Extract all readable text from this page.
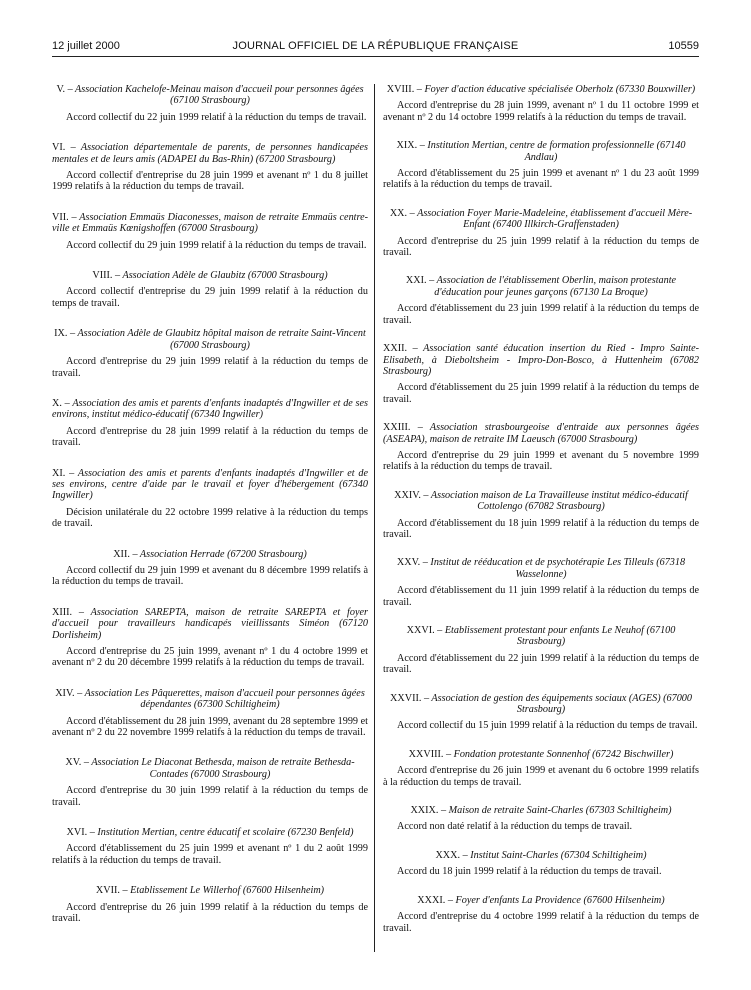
12 juillet 2000	JOURNAL OFFICIEL DE LA RÉPUBLIQUE FRANÇAISE	10559
V. – Association Kachelofe-Meinau maison d'accueil pour personnes âgées (67100 Strasbourg)
Accord collectif du 22 juin 1999 relatif à la réduction du temps de travail.
VI. – Association départementale de parents, de personnes handicapées mentales et de leurs amis (ADAPEI du Bas-Rhin) (67200 Strasbourg)
Accord collectif d'entreprise du 28 juin 1999 et avenant nº 1 du 8 juillet 1999 relatifs à la réduction du temps de travail.
VII. – Association Emmaüs Diaconesses, maison de retraite Emmaüs centre-ville et Emmaüs Kœnigshoffen (67000 Strasbourg)
Accord collectif du 29 juin 1999 relatif à la réduction du temps de travail.
VIII. – Association Adèle de Glaubitz (67000 Strasbourg)
Accord collectif d'entreprise du 29 juin 1999 relatif à la réduction du temps de travail.
IX. – Association Adèle de Glaubitz hôpital maison de retraite Saint-Vincent (67000 Strasbourg)
Accord d'entreprise du 29 juin 1999 relatif à la réduction du temps de travail.
X. – Association des amis et parents d'enfants inadaptés d'Ingwiller et de ses environs, institut médico-éducatif (67340 Ingwiller)
Accord d'entreprise du 28 juin 1999 relatif à la réduction du temps de travail.
XI. – Association des amis et parents d'enfants inadaptés d'Ingwiller et de ses environs, centre d'aide par le travail et foyer d'hébergement (67340 Ingwiller)
Décision unilatérale du 22 octobre 1999 relative à la réduction du temps de travail.
XII. – Association Herrade (67200 Strasbourg)
Accord collectif du 29 juin 1999 et avenant du 8 décembre 1999 relatifs à la réduction du temps de travail.
XIII. – Association SAREPTA, maison de retraite SAREPTA et foyer d'accueil pour travailleurs handicapés vieillissants Siméon (67120 Dorlisheim)
Accord d'entreprise du 25 juin 1999, avenant nº 1 du 4 octobre 1999 et avenant nº 2 du 20 décembre 1999 relatifs à la réduction du temps de travail.
XIV. – Association Les Pâquerettes, maison d'accueil pour personnes âgées dépendantes (67300 Schiltigheim)
Accord d'établissement du 28 juin 1999, avenant du 28 septembre 1999 et avenant nº 2 du 22 novembre 1999 relatifs à la réduction du temps de travail.
XV. – Association Le Diaconat Bethesda, maison de retraite Bethesda-Contades (67000 Strasbourg)
Accord d'entreprise du 30 juin 1999 relatif à la réduction du temps de travail.
XVI. – Institution Mertian, centre éducatif et scolaire (67230 Benfeld)
Accord d'établissement du 25 juin 1999 et avenant nº 1 du 2 août 1999 relatifs à la réduction du temps de travail.
XVII. – Etablissement Le Willerhof (67600 Hilsenheim)
Accord d'entreprise du 26 juin 1999 relatif à la réduction du temps de travail.
XVIII. – Foyer d'action éducative spécialisée Oberholz (67330 Bouxwiller)
Accord d'entreprise du 28 juin 1999, avenant nº 1 du 11 octobre 1999 et avenant nº 2 du 14 octobre 1999 relatifs à la réduction du temps de travail.
XIX. – Institution Mertian, centre de formation professionnelle (67140 Andlau)
Accord d'établissement du 25 juin 1999 et avenant nº 1 du 23 août 1999 relatifs à la réduction du temps de travail.
XX. – Association Foyer Marie-Madeleine, établissement d'accueil Mère-Enfant (67400 Illkirch-Graffenstaden)
Accord d'entreprise du 25 juin 1999 relatif à la réduction du temps de travail.
XXI. – Association de l'établissement Oberlin, maison protestante d'éducation pour jeunes garçons (67130 La Broque)
Accord d'établissement du 23 juin 1999 relatif à la réduction du temps de travail.
XXII. – Association santé éducation insertion du Ried - Impro Sainte-Elisabeth, à Dieboltsheim - Impro-Don-Bosco, à Huttenheim (67082 Strasbourg)
Accord d'établissement du 25 juin 1999 relatif à la réduction du temps de travail.
XXIII. – Association strasbourgeoise d'entraide aux personnes âgées (ASEAPA), maison de retraite IM Laeusch (67000 Strasbourg)
Accord d'entreprise du 29 juin 1999 et avenant du 5 novembre 1999 relatifs à la réduction du temps de travail.
XXIV. – Association maison de La Travailleuse institut médico-éducatif Cottolengo (67082 Strasbourg)
Accord d'établissement du 18 juin 1999 relatif à la réduction du temps de travail.
XXV. – Institut de rééducation et de psychotérapie Les Tilleuls (67318 Wasselonne)
Accord d'établissement du 11 juin 1999 relatif à la réduction du temps de travail.
XXVI. – Etablissement protestant pour enfants Le Neuhof (67100 Strasbourg)
Accord d'établissement du 22 juin 1999 relatif à la réduction du temps de travail.
XXVII. – Association de gestion des équipements sociaux (AGES) (67000 Strasbourg)
Accord collectif du 15 juin 1999 relatif à la réduction du temps de travail.
XXVIII. – Fondation protestante Sonnenhof (67242 Bischwiller)
Accord d'entreprise du 26 juin 1999 et avenant du 6 octobre 1999 relatifs à la réduction du temps de travail.
XXIX. – Maison de retraite Saint-Charles (67303 Schiltigheim)
Accord non daté relatif à la réduction du temps de travail.
XXX. – Institut Saint-Charles (67304 Schiltigheim)
Accord du 18 juin 1999 relatif à la réduction du temps de travail.
XXXI. – Foyer d'enfants La Providence (67600 Hilsenheim)
Accord d'entreprise du 4 octobre 1999 relatif à la réduction du temps de travail.
